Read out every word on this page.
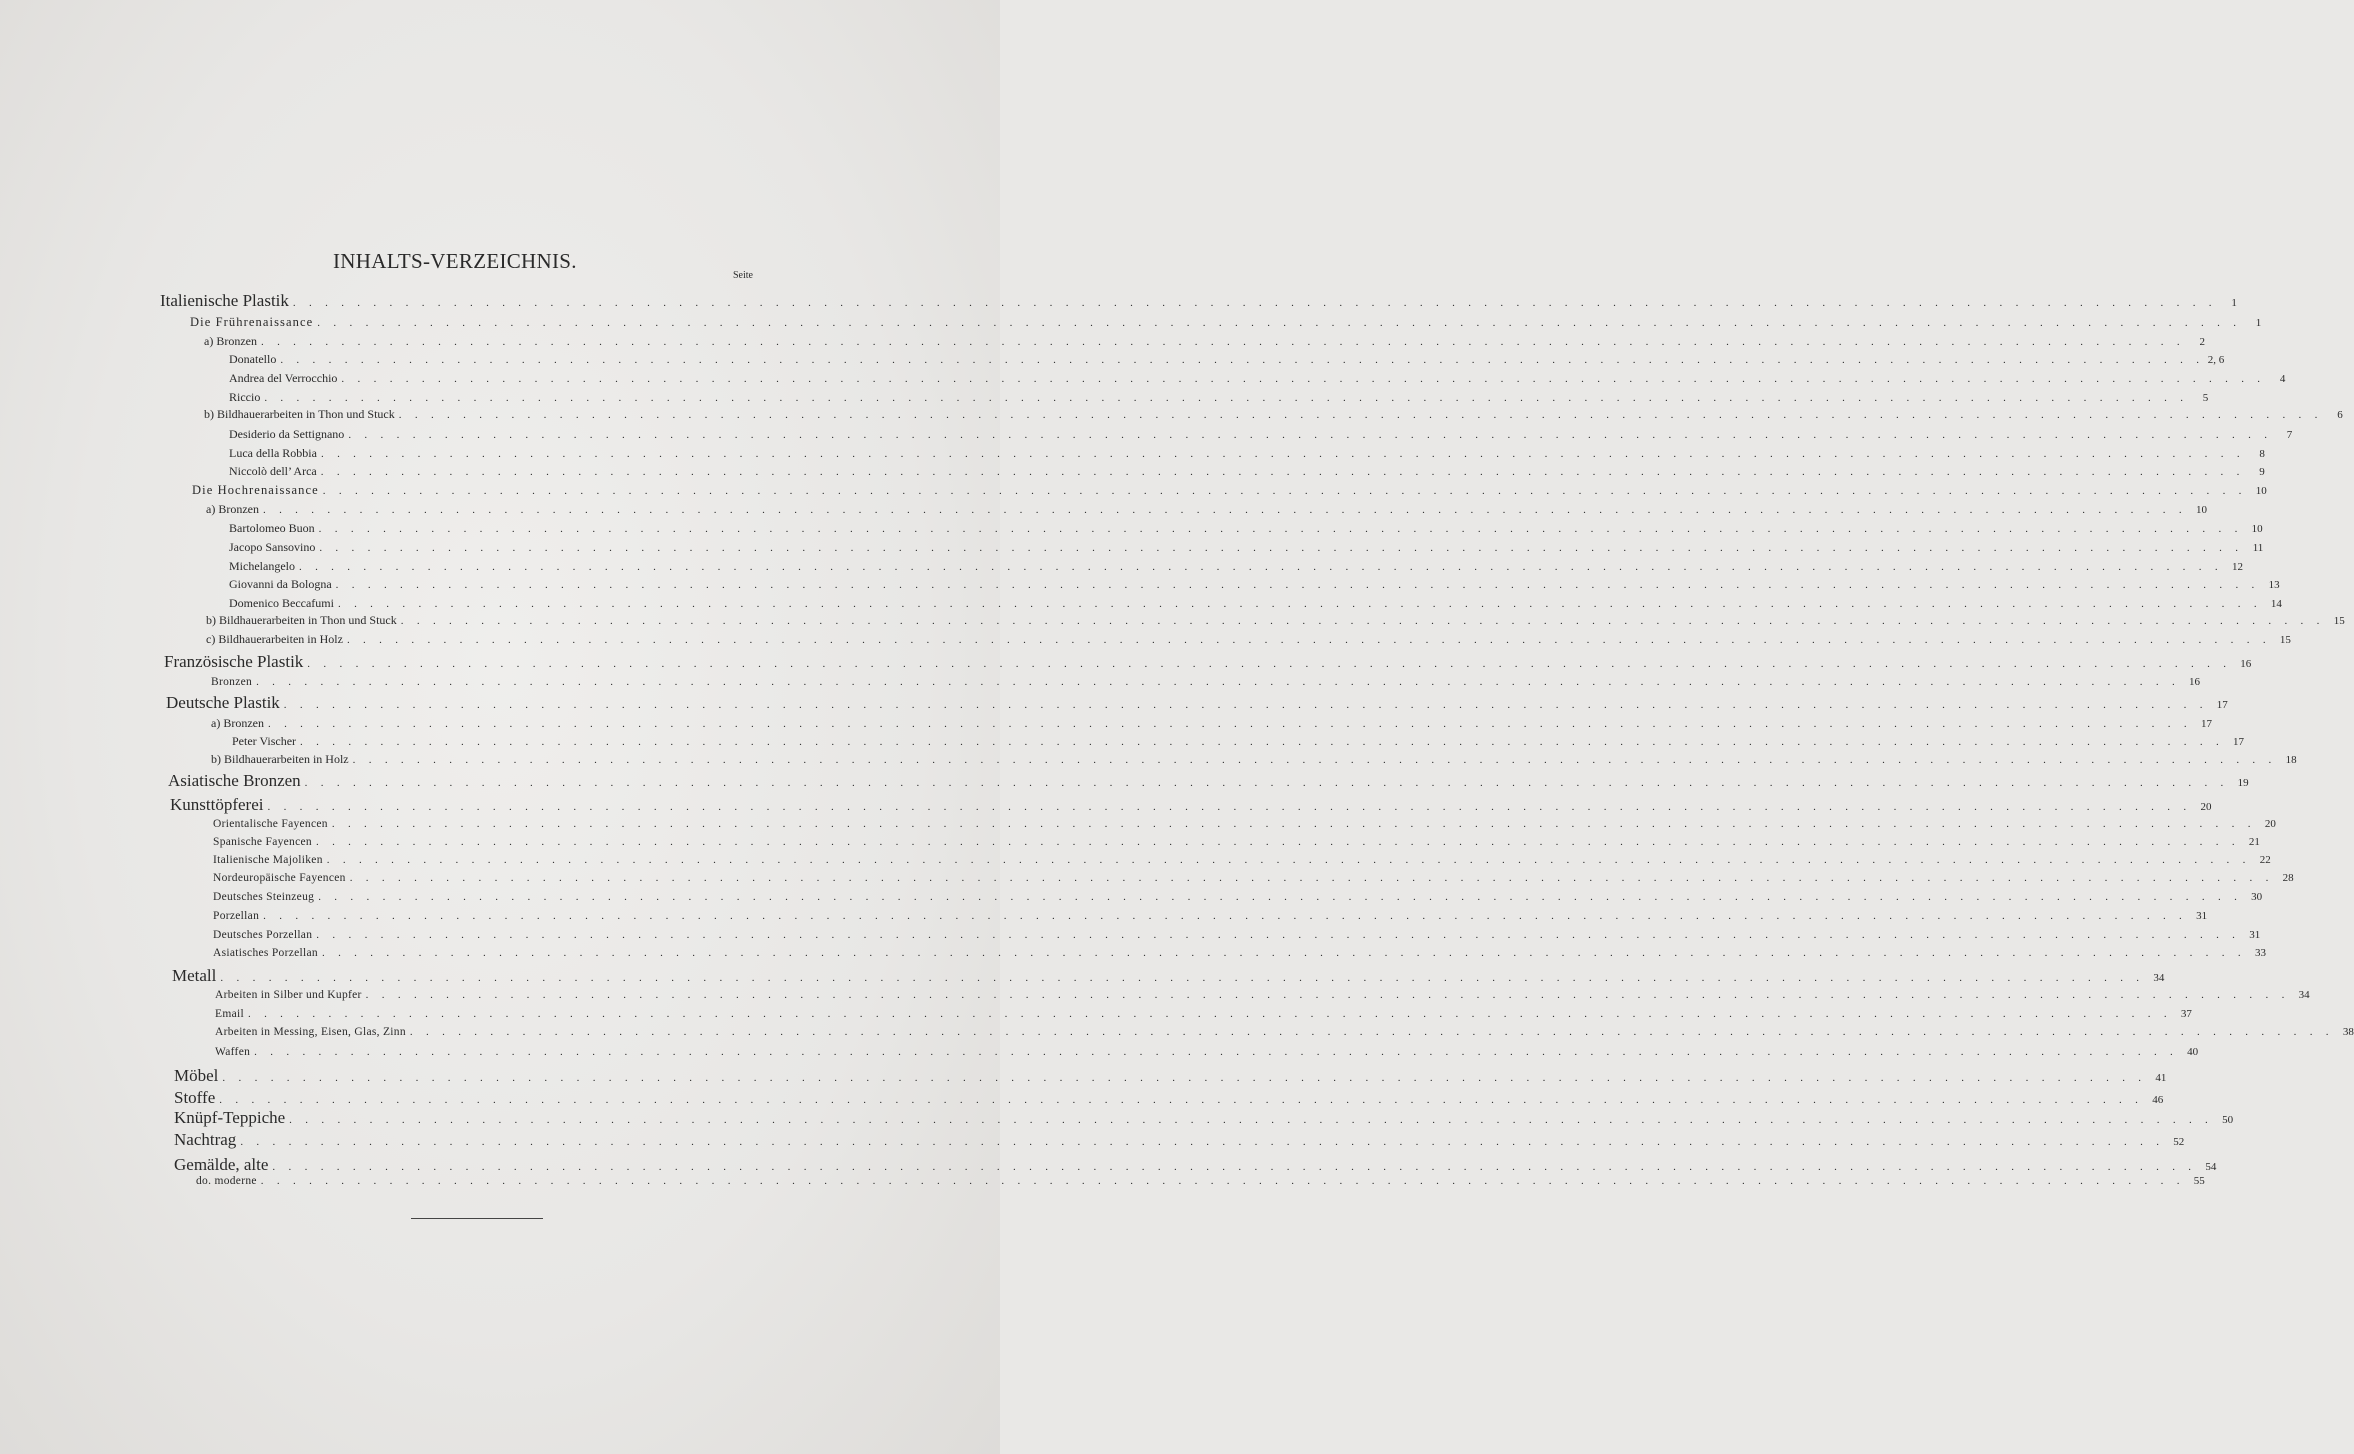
INHALTS-VERZEICHNIS.
Seite
Italienische Plastik . . . . . . . . . . . . . . . . . . . . . . . . . . . . . . . . . . . . . . . . . . . . . . . . . . . . . . . . . . . . . . . . . . . . . . . . . . . . . . . . . . . . . . . . . . . . . . . . . . . . . . . . . . . . . . . . . . . . . . . .	1
Die Frührenaissance . . . . . . . . . . . . . . . . . . . . . . . . . . . . . . . . . . . . . . . . . . . . . . . . . . . . . . . . . . . . . . . . . . . . . . . . . . . . . . . . . . . . . . . . . . . . . . . . . . . . . . . . . . . . . . . . . . . . . . . .	1
a) Bronzen . . . . . . . . . . . . . . . . . . . . . . . . . . . . . . . . . . . . . . . . . . . . . . . . . . . . . . . . . . . . . . . . . . . . . . . . . . . . . . . . . . . . . . . . . . . . . . . . . . . . . . . . . . . . . . . . . . . . . . . .	2
Donatello . . . . . . . . . . . . . . . . . . . . . . . . . . . . . . . . . . . . . . . . . . . . . . . . . . . . . . . . . . . . . . . . . . . . . . . . . . . . . . . . . . . . . . . . . . . . . . . . . . . . . . . . . . . . . . . . . . . . . . . . 2, 6
Andrea del Verrocchio . . . . . . . . . . . . . . . . . . . . . . . . . . . . . . . . . . . . . . . . . . . . . . . . . . . . . . . . . . . . . . . . . . . . . . . . . . . . . . . . . . . . . . . . . . . . . . . . . . . . . . . . . . . . . . . . . . . . . . . .	4
Riccio . . . . . . . . . . . . . . . . . . . . . . . . . . . . . . . . . . . . . . . . . . . . . . . . . . . . . . . . . . . . . . . . . . . . . . . . . . . . . . . . . . . . . . . . . . . . . . . . . . . . . . . . . . . . . . . . . . . . . . . .	5
b) Bildhauerarbeiten in Thon und Stuck . . . . . . . . . . . . . . . . . . . . . . . . . . . . . . . . . . . . . . . . . . . . . . . . . . . . . . . . . . . . . . . . . . . . . . . . . . . . . . . . . . . . . . . . . . . . . . . . . . . . . . . . . . . . . . . . . . . . . . . .	6
Desiderio da Settignano . . . . . . . . . . . . . . . . . . . . . . . . . . . . . . . . . . . . . . . . . . . . . . . . . . . . . . . . . . . . . . . . . . . . . . . . . . . . . . . . . . . . . . . . . . . . . . . . . . . . . . . . . . . . . . . . . . . . . . . .	7
Luca della Robbia . . . . . . . . . . . . . . . . . . . . . . . . . . . . . . . . . . . . . . . . . . . . . . . . . . . . . . . . . . . . . . . . . . . . . . . . . . . . . . . . . . . . . . . . . . . . . . . . . . . . . . . . . . . . . . . . . . . . . . . .	8
Niccolò dell’ Arca . . . . . . . . . . . . . . . . . . . . . . . . . . . . . . . . . . . . . . . . . . . . . . . . . . . . . . . . . . . . . . . . . . . . . . . . . . . . . . . . . . . . . . . . . . . . . . . . . . . . . . . . . . . . . . . . . . . . . . . .	9
Die Hochrenaissance . . . . . . . . . . . . . . . . . . . . . . . . . . . . . . . . . . . . . . . . . . . . . . . . . . . . . . . . . . . . . . . . . . . . . . . . . . . . . . . . . . . . . . . . . . . . . . . . . . . . . . . . . . . . . . . . . . . . . . . . 10
a) Bronzen . . . . . . . . . . . . . . . . . . . . . . . . . . . . . . . . . . . . . . . . . . . . . . . . . . . . . . . . . . . . . . . . . . . . . . . . . . . . . . . . . . . . . . . . . . . . . . . . . . . . . . . . . . . . . . . . . . . . . . . . 10
Bartolomeo Buon . . . . . . . . . . . . . . . . . . . . . . . . . . . . . . . . . . . . . . . . . . . . . . . . . . . . . . . . . . . . . . . . . . . . . . . . . . . . . . . . . . . . . . . . . . . . . . . . . . . . . . . . . . . . . . . . . . . . . . . . 10
Jacopo Sansovino . . . . . . . . . . . . . . . . . . . . . . . . . . . . . . . . . . . . . . . . . . . . . . . . . . . . . . . . . . . . . . . . . . . . . . . . . . . . . . . . . . . . . . . . . . . . . . . . . . . . . . . . . . . . . . . . . . . . . . . . 11
Michelangelo . . . . . . . . . . . . . . . . . . . . . . . . . . . . . . . . . . . . . . . . . . . . . . . . . . . . . . . . . . . . . . . . . . . . . . . . . . . . . . . . . . . . . . . . . . . . . . . . . . . . . . . . . . . . . . . . . . . . . . . . 12
Giovanni da Bologna . . . . . . . . . . . . . . . . . . . . . . . . . . . . . . . . . . . . . . . . . . . . . . . . . . . . . . . . . . . . . . . . . . . . . . . . . . . . . . . . . . . . . . . . . . . . . . . . . . . . . . . . . . . . . . . . . . . . . . . . 13
Domenico Beccafumi . . . . . . . . . . . . . . . . . . . . . . . . . . . . . . . . . . . . . . . . . . . . . . . . . . . . . . . . . . . . . . . . . . . . . . . . . . . . . . . . . . . . . . . . . . . . . . . . . . . . . . . . . . . . . . . . . . . . . . . . 14
b) Bildhauerarbeiten in Thon und Stuck . . . . . . . . . . . . . . . . . . . . . . . . . . . . . . . . . . . . . . . . . . . . . . . . . . . . . . . . . . . . . . . . . . . . . . . . . . . . . . . . . . . . . . . . . . . . . . . . . . . . . . . . . . . . . . . . . . . . . . . . 15
c) Bildhauerarbeiten in Holz . . . . . . . . . . . . . . . . . . . . . . . . . . . . . . . . . . . . . . . . . . . . . . . . . . . . . . . . . . . . . . . . . . . . . . . . . . . . . . . . . . . . . . . . . . . . . . . . . . . . . . . . . . . . . . . . . . . . . . . . 15
Französische Plastik . . . . . . . . . . . . . . . . . . . . . . . . . . . . . . . . . . . . . . . . . . . . . . . . . . . . . . . . . . . . . . . . . . . . . . . . . . . . . . . . . . . . . . . . . . . . . . . . . . . . . . . . . . . . . . . . . . . . . . . . 16
Bronzen . . . . . . . . . . . . . . . . . . . . . . . . . . . . . . . . . . . . . . . . . . . . . . . . . . . . . . . . . . . . . . . . . . . . . . . . . . . . . . . . . . . . . . . . . . . . . . . . . . . . . . . . . . . . . . . . . . . . . . . . 16
Deutsche Plastik . . . . . . . . . . . . . . . . . . . . . . . . . . . . . . . . . . . . . . . . . . . . . . . . . . . . . . . . . . . . . . . . . . . . . . . . . . . . . . . . . . . . . . . . . . . . . . . . . . . . . . . . . . . . . . . . . . . . . . . . 17
a) Bronzen . . . . . . . . . . . . . . . . . . . . . . . . . . . . . . . . . . . . . . . . . . . . . . . . . . . . . . . . . . . . . . . . . . . . . . . . . . . . . . . . . . . . . . . . . . . . . . . . . . . . . . . . . . . . . . . . . . . . . . . . 17
Peter Vischer . . . . . . . . . . . . . . . . . . . . . . . . . . . . . . . . . . . . . . . . . . . . . . . . . . . . . . . . . . . . . . . . . . . . . . . . . . . . . . . . . . . . . . . . . . . . . . . . . . . . . . . . . . . . . . . . . . . . . . . . 17
b) Bildhauerarbeiten in Holz . . . . . . . . . . . . . . . . . . . . . . . . . . . . . . . . . . . . . . . . . . . . . . . . . . . . . . . . . . . . . . . . . . . . . . . . . . . . . . . . . . . . . . . . . . . . . . . . . . . . . . . . . . . . . . . . . . . . . . . . 18
Asiatische Bronzen . . . . . . . . . . . . . . . . . . . . . . . . . . . . . . . . . . . . . . . . . . . . . . . . . . . . . . . . . . . . . . . . . . . . . . . . . . . . . . . . . . . . . . . . . . . . . . . . . . . . . . . . . . . . . . . . . . . . . . . . 19
Kunsttöpferei . . . . . . . . . . . . . . . . . . . . . . . . . . . . . . . . . . . . . . . . . . . . . . . . . . . . . . . . . . . . . . . . . . . . . . . . . . . . . . . . . . . . . . . . . . . . . . . . . . . . . . . . . . . . . . . . . . . . . . . . 20
Orientalische Fayencen . . . . . . . . . . . . . . . . . . . . . . . . . . . . . . . . . . . . . . . . . . . . . . . . . . . . . . . . . . . . . . . . . . . . . . . . . . . . . . . . . . . . . . . . . . . . . . . . . . . . . . . . . . . . . . . . . . . . . . . . 20
Spanische Fayencen . . . . . . . . . . . . . . . . . . . . . . . . . . . . . . . . . . . . . . . . . . . . . . . . . . . . . . . . . . . . . . . . . . . . . . . . . . . . . . . . . . . . . . . . . . . . . . . . . . . . . . . . . . . . . . . . . . . . . . . . 21
Italienische Majoliken . . . . . . . . . . . . . . . . . . . . . . . . . . . . . . . . . . . . . . . . . . . . . . . . . . . . . . . . . . . . . . . . . . . . . . . . . . . . . . . . . . . . . . . . . . . . . . . . . . . . . . . . . . . . . . . . . . . . . . . . 22
Nordeuropäische Fayencen . . . . . . . . . . . . . . . . . . . . . . . . . . . . . . . . . . . . . . . . . . . . . . . . . . . . . . . . . . . . . . . . . . . . . . . . . . . . . . . . . . . . . . . . . . . . . . . . . . . . . . . . . . . . . . . . . . . . . . . . 28
Deutsches Steinzeug . . . . . . . . . . . . . . . . . . . . . . . . . . . . . . . . . . . . . . . . . . . . . . . . . . . . . . . . . . . . . . . . . . . . . . . . . . . . . . . . . . . . . . . . . . . . . . . . . . . . . . . . . . . . . . . . . . . . . . . . 30
Porzellan . . . . . . . . . . . . . . . . . . . . . . . . . . . . . . . . . . . . . . . . . . . . . . . . . . . . . . . . . . . . . . . . . . . . . . . . . . . . . . . . . . . . . . . . . . . . . . . . . . . . . . . . . . . . . . . . . . . . . . . . 31
Deutsches Porzellan . . . . . . . . . . . . . . . . . . . . . . . . . . . . . . . . . . . . . . . . . . . . . . . . . . . . . . . . . . . . . . . . . . . . . . . . . . . . . . . . . . . . . . . . . . . . . . . . . . . . . . . . . . . . . . . . . . . . . . . . 31
Asiatisches Porzellan . . . . . . . . . . . . . . . . . . . . . . . . . . . . . . . . . . . . . . . . . . . . . . . . . . . . . . . . . . . . . . . . . . . . . . . . . . . . . . . . . . . . . . . . . . . . . . . . . . . . . . . . . . . . . . . . . . . . . . . . 33
Metall . . . . . . . . . . . . . . . . . . . . . . . . . . . . . . . . . . . . . . . . . . . . . . . . . . . . . . . . . . . . . . . . . . . . . . . . . . . . . . . . . . . . . . . . . . . . . . . . . . . . . . . . . . . . . . . . . . . . . . . . 34
Arbeiten in Silber und Kupfer . . . . . . . . . . . . . . . . . . . . . . . . . . . . . . . . . . . . . . . . . . . . . . . . . . . . . . . . . . . . . . . . . . . . . . . . . . . . . . . . . . . . . . . . . . . . . . . . . . . . . . . . . . . . . . . . . . . . . . . . 34
Email . . . . . . . . . . . . . . . . . . . . . . . . . . . . . . . . . . . . . . . . . . . . . . . . . . . . . . . . . . . . . . . . . . . . . . . . . . . . . . . . . . . . . . . . . . . . . . . . . . . . . . . . . . . . . . . . . . . . . . . . 37
Arbeiten in Messing, Eisen, Glas, Zinn . . . . . . . . . . . . . . . . . . . . . . . . . . . . . . . . . . . . . . . . . . . . . . . . . . . . . . . . . . . . . . . . . . . . . . . . . . . . . . . . . . . . . . . . . . . . . . . . . . . . . . . . . . . . . . . . . . . . . . . . 38
Waffen . . . . . . . . . . . . . . . . . . . . . . . . . . . . . . . . . . . . . . . . . . . . . . . . . . . . . . . . . . . . . . . . . . . . . . . . . . . . . . . . . . . . . . . . . . . . . . . . . . . . . . . . . . . . . . . . . . . . . . . . 40
Möbel . . . . . . . . . . . . . . . . . . . . . . . . . . . . . . . . . . . . . . . . . . . . . . . . . . . . . . . . . . . . . . . . . . . . . . . . . . . . . . . . . . . . . . . . . . . . . . . . . . . . . . . . . . . . . . . . . . . . . . . . 41
Stoffe . . . . . . . . . . . . . . . . . . . . . . . . . . . . . . . . . . . . . . . . . . . . . . . . . . . . . . . . . . . . . . . . . . . . . . . . . . . . . . . . . . . . . . . . . . . . . . . . . . . . . . . . . . . . . . . . . . . . . . . . 46
Knüpf-Teppiche . . . . . . . . . . . . . . . . . . . . . . . . . . . . . . . . . . . . . . . . . . . . . . . . . . . . . . . . . . . . . . . . . . . . . . . . . . . . . . . . . . . . . . . . . . . . . . . . . . . . . . . . . . . . . . . . . . . . . . . . 50
Nachtrag . . . . . . . . . . . . . . . . . . . . . . . . . . . . . . . . . . . . . . . . . . . . . . . . . . . . . . . . . . . . . . . . . . . . . . . . . . . . . . . . . . . . . . . . . . . . . . . . . . . . . . . . . . . . . . . . . . . . . . . . 52
Gemälde, alte . . . . . . . . . . . . . . . . . . . . . . . . . . . . . . . . . . . . . . . . . . . . . . . . . . . . . . . . . . . . . . . . . . . . . . . . . . . . . . . . . . . . . . . . . . . . . . . . . . . . . . . . . . . . . . . . . . . . . . . . 54
do. moderne . . . . . . . . . . . . . . . . . . . . . . . . . . . . . . . . . . . . . . . . . . . . . . . . . . . . . . . . . . . . . . . . . . . . . . . . . . . . . . . . . . . . . . . . . . . . . . . . . . . . . . . . . . . . . . . . . . . . . . . . 55
